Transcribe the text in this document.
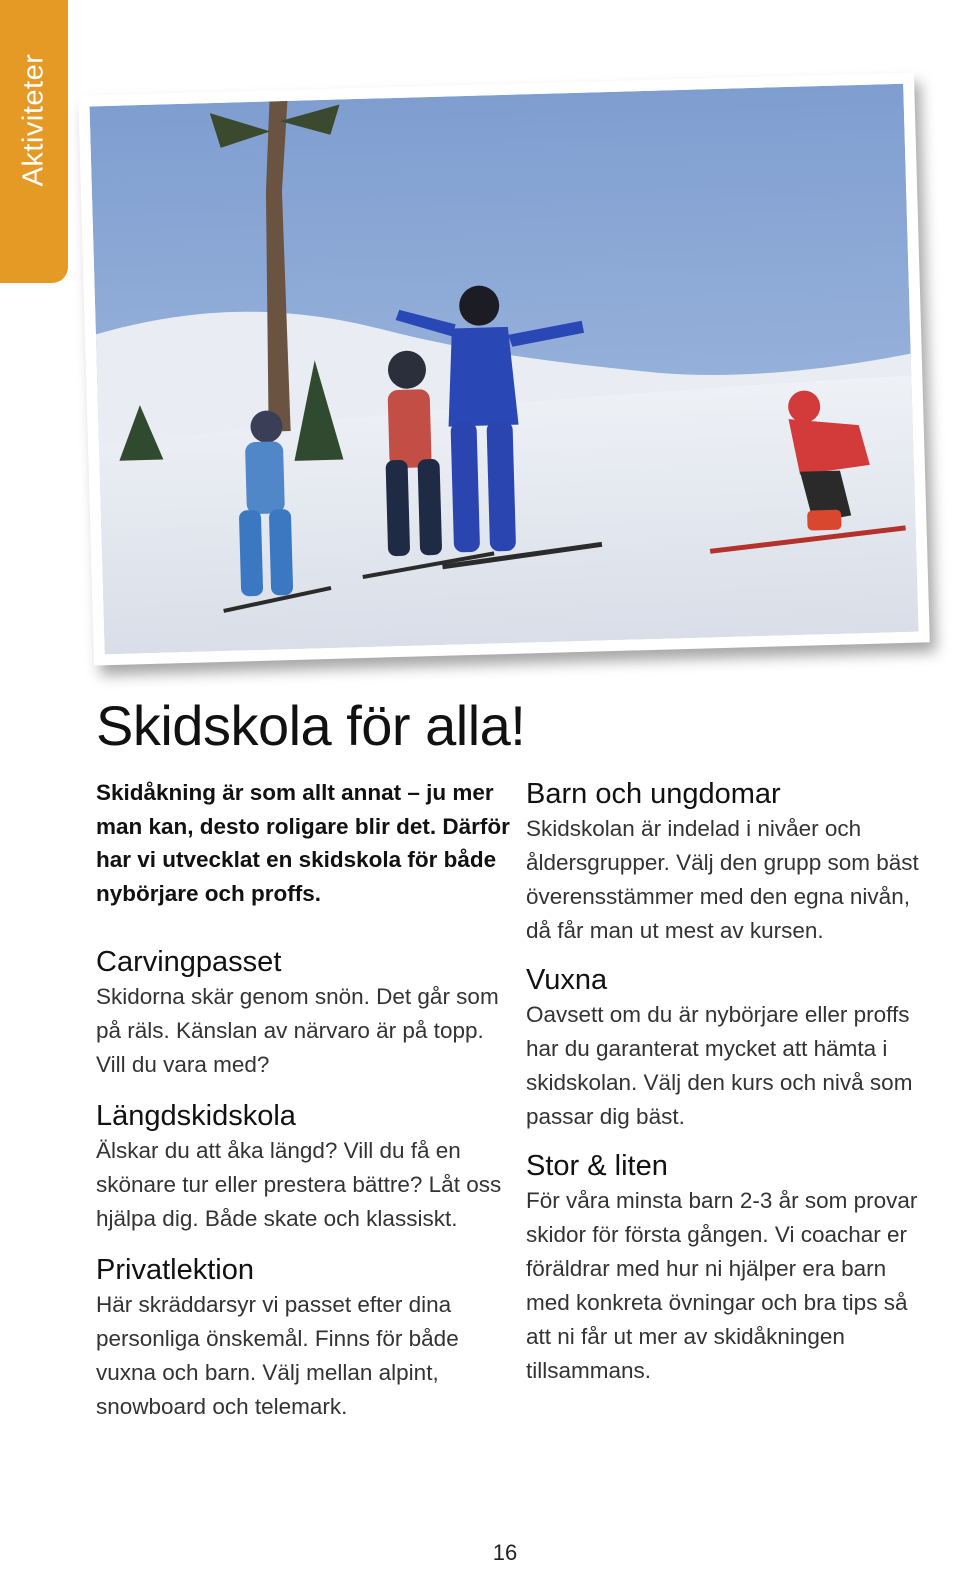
Aktiviteter
Skidskola för alla!

Skidåkning är som allt annat – ju mer man kan, desto roligare blir det. Därför har vi utvecklat en skidskola för både nybörjare och proffs.

Carvingpasset

Skidorna skär genom snön. Det går som på räls. Känslan av närvaro är på topp. Vill du vara med?

Längdskidskola

Älskar du att åka längd? Vill du få en skönare tur eller prestera bättre? Låt oss hjälpa dig. Både skate och klassiskt.

Privatlektion

Här skräddarsyr vi passet efter dina personliga önskemål. Finns för både vuxna och barn. Välj mellan alpint, snowboard och telemark.

Barn och ungdomar

Skidskolan är indelad i nivåer och åldersgrupper. Välj den grupp som bäst överensstämmer med den egna nivån, då får man ut mest av kursen.

Vuxna

Oavsett om du är nybörjare eller proffs har du garanterat mycket att hämta i skidskolan. Välj den kurs och nivå som passar dig bäst.

Stor & liten

För våra minsta barn 2-3 år som provar skidor för första gången. Vi coachar er föräldrar med hur ni hjälper era barn med konkreta övningar och bra tips så att ni får ut mer av skidåkningen tillsammans.

16
